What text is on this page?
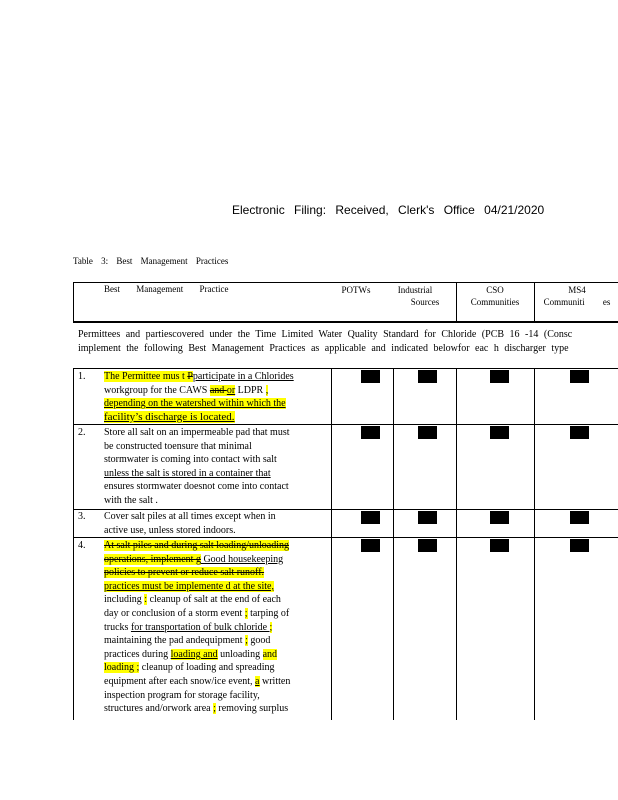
Electronic Filing: Received, Clerk's Office 04/21/2020
Table 3: Best Management Practices
Best Management Practice	POTWs	Industrial
Sources
CSO
Communities
MS4
Communiti es
Permittees and partiescovered under the Time Limited Water Quality Standard for Chloride (PCB 16 -14 (Consc
implement the following Best Management Practices as applicable and indicated belowfor eac h discharger type
1. The Permittee mus t Pparticipate in a Chlorides
workgroup for the CAWS and or LDPR ,
depending on the watershed within which the
facility’s discharge is located.
2. Store all salt on an impermeable pad that must
be constructed toensure that minimal
stormwater is coming into contact with salt
unless the salt is stored in a container that
ensures stormwater doesnot come into contact
with the salt .
3. Cover salt piles at all times except when in
active use, unless stored indoors.
4. At salt piles and during salt loading/unloading
operations, implement g Good housekeeping
policies to prevent or reduce salt runoff.
practices must be implemente d at the site,
including : cleanup of salt at the end of each
day or conclusion of a storm event ; tarping of
trucks for transportation of bulk chloride ;
maintaining the pad andequipment ; good
practices during loading and unloading and
loading ; cleanup of loading and spreading
equipment after each snow/ice event, a written
inspection program for storage facility,
structures and/orwork area ; removing surplus
